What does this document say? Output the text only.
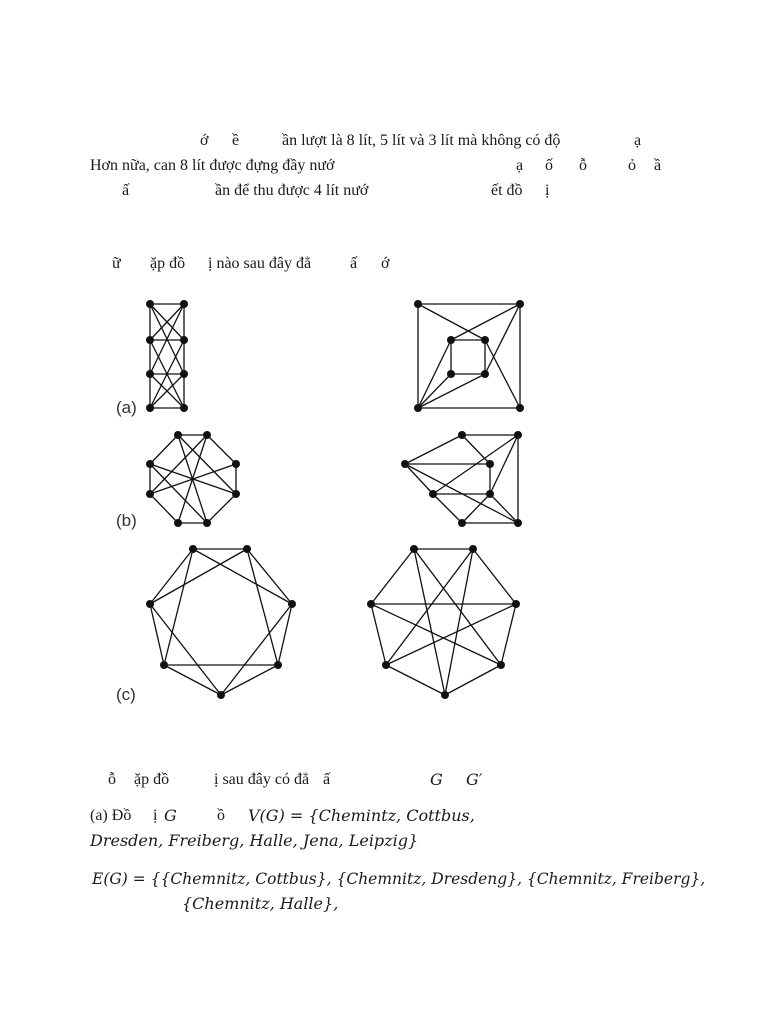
ớ ề	ần lượt là 8 lít, 5 lít và 3 lít mà không có độ	ạ
Hơn nữa, can 8 lít được đựng đầy nướ	ạ ố ỗ	ỏ ầ
ấ	ần để thu được 4 lít nướ	ết đồ ị
ữ ặp đồ ị nào sau đây đẳ ấ ớ
(a)
(b)
(c)
ỗ ặp đồ	ị sau đây có đẳ ấ	G G′
(a) Đồ ị G	ồ V(G) = {Chemintz, Cottbus,
Dresden, Freiberg, Halle, Jena, Leipzig}
E(G) = {{Chemnitz, Cottbus}, {Chemnitz, Dresdeng}, {Chemnitz, Freiberg},
{Chemnitz, Halle},
